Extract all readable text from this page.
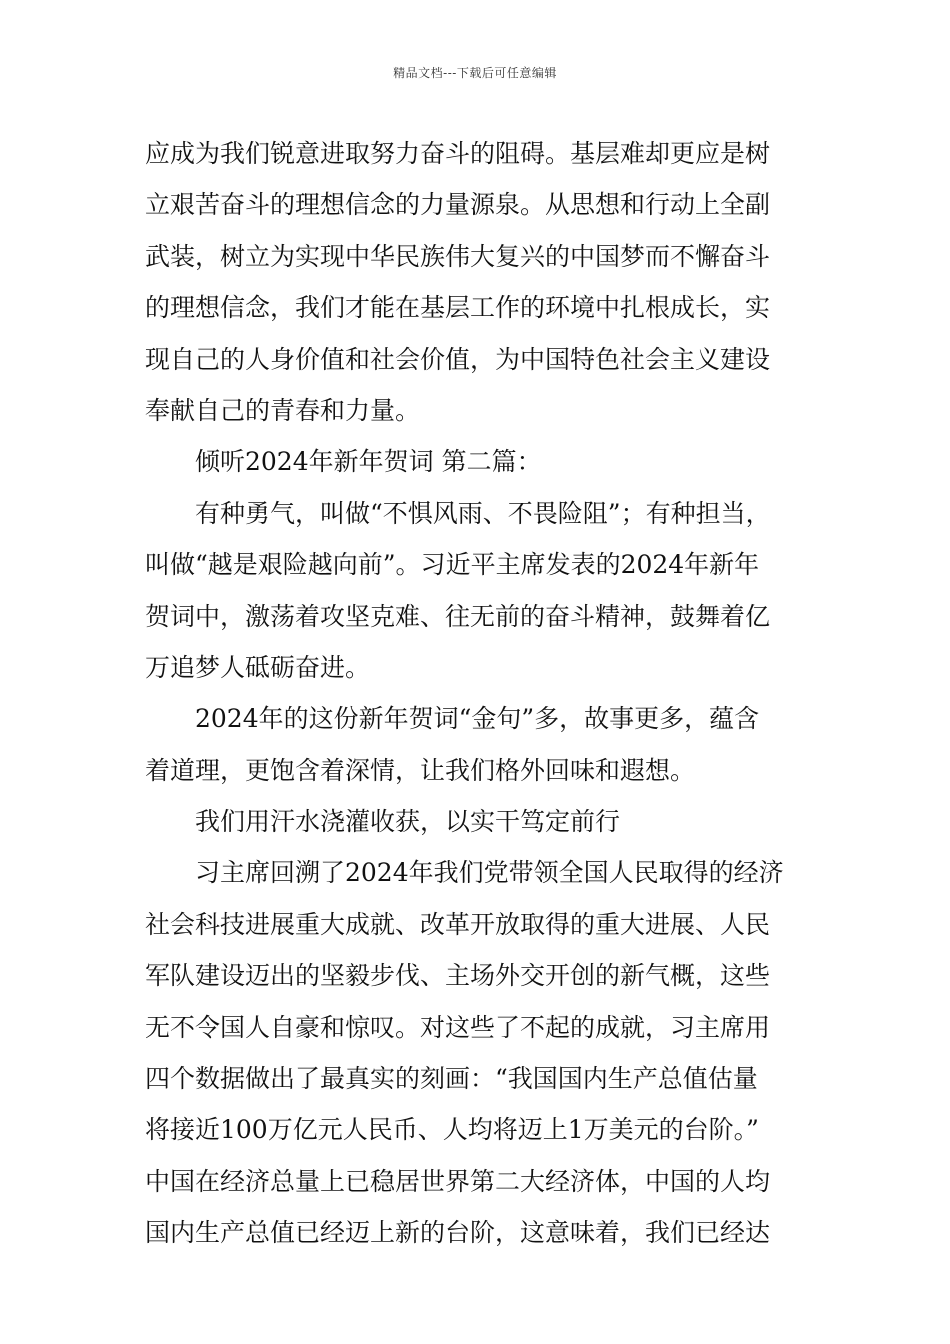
精品文档---下载后可任意编辑
应成为我们锐意进取努力奋斗的阻碍。基层难却更应是树
立艰苦奋斗的理想信念的力量源泉。从思想和行动上全副
武装，树立为实现中华民族伟大复兴的中国梦而不懈奋斗
的理想信念，我们才能在基层工作的环境中扎根成长，实
现自己的人身价值和社会价值，为中国特色社会主义建设
奉献自己的青春和力量。
倾听2024年新年贺词 第二篇：
有种勇气，叫做“不惧风雨、不畏险阻”；有种担当，
叫做“越是艰险越向前”。习近平主席发表的2024年新年
贺词中，激荡着攻坚克难、往无前的奋斗精神，鼓舞着亿
万追梦人砥砺奋进。
2024年的这份新年贺词“金句”多，故事更多，蕴含
着道理，更饱含着深情，让我们格外回味和遐想。
我们用汗水浇灌收获，以实干笃定前行
习主席回溯了2024年我们党带领全国人民取得的经济
社会科技进展重大成就、改革开放取得的重大进展、人民
军队建设迈出的坚毅步伐、主场外交开创的新气概，这些
无不令国人自豪和惊叹。对这些了不起的成就，习主席用
四个数据做出了最真实的刻画：“我国国内生产总值估量
将接近100万亿元人民币、人均将迈上1万美元的台阶。”
中国在经济总量上已稳居世界第二大经济体，中国的人均
国内生产总值已经迈上新的台阶，这意味着，我们已经达
